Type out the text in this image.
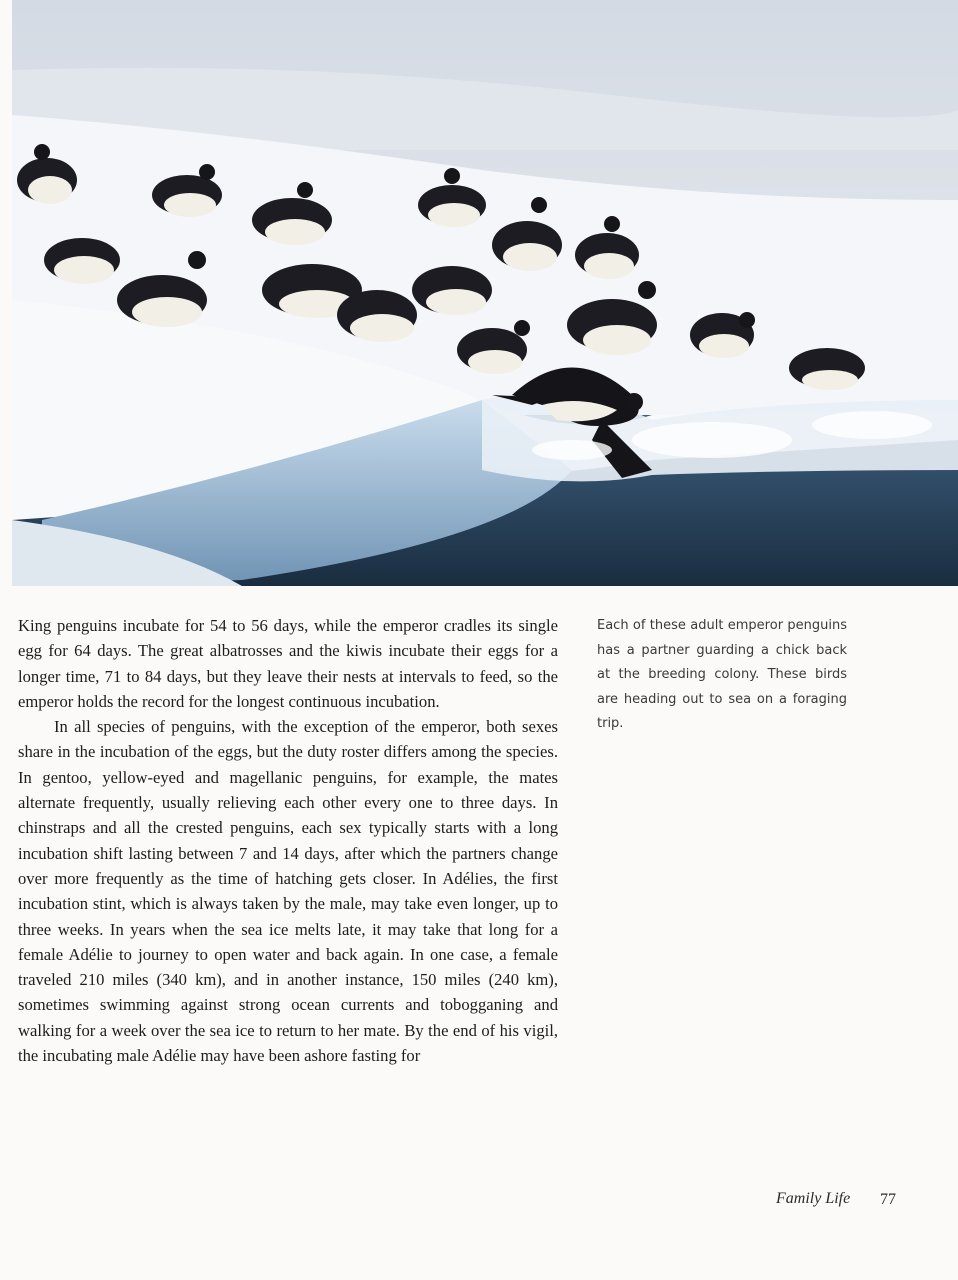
King penguins incubate for 54 to 56 days, while the emperor cradles its single egg for 64 days. The great albatrosses and the kiwis incubate their eggs for a longer time, 71 to 84 days, but they leave their nests at intervals to feed, so the emperor holds the record for the longest continuous incubation.

In all species of penguins, with the exception of the emperor, both sexes share in the incubation of the eggs, but the duty roster differs among the species. In gentoo, yellow-eyed and magellanic penguins, for example, the mates alternate frequently, usually relieving each other every one to three days. In chinstraps and all the crested penguins, each sex typically starts with a long incubation shift lasting between 7 and 14 days, after which the partners change over more frequently as the time of hatching gets closer. In Adélies, the first incubation stint, which is always taken by the male, may take even longer, up to three weeks. In years when the sea ice melts late, it may take that long for a female Adélie to journey to open water and back again. In one case, a female traveled 210 miles (340 km), and in another instance, 150 miles (240 km), sometimes swimming against strong ocean currents and tobogganing and walking for a week over the sea ice to return to her mate. By the end of his vigil, the incubating male Adélie may have been ashore fasting for

Each of these adult emperor penguins has a partner guarding a chick back at the breeding colony. These birds are heading out to sea on a foraging trip.
Family Life 77
